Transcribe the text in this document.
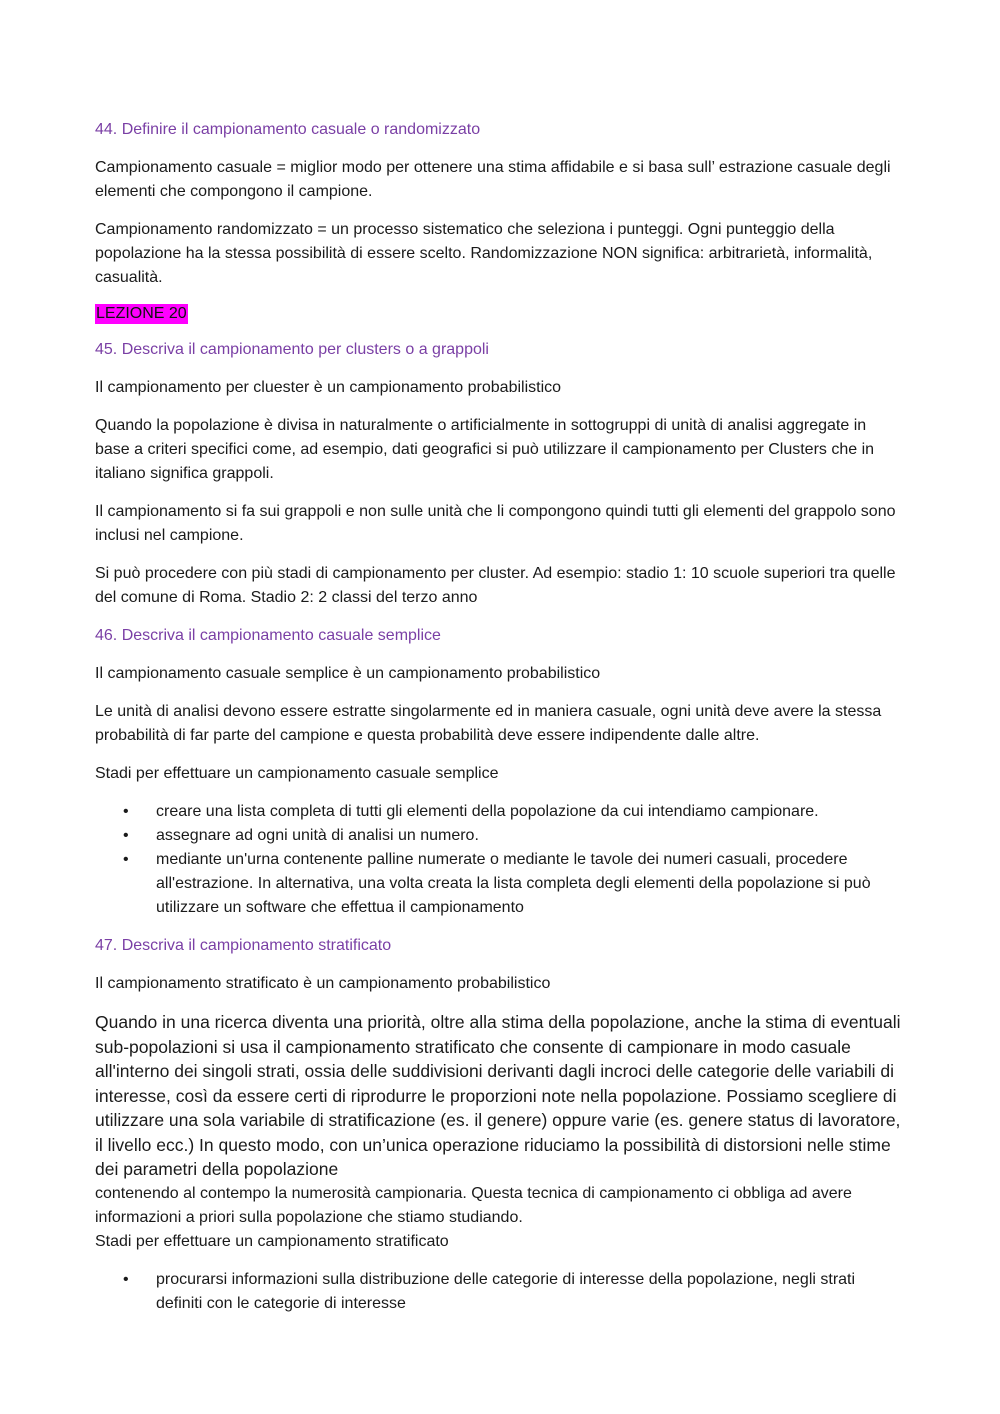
44. Definire il campionamento casuale o randomizzato

Campionamento casuale = miglior modo per ottenere una stima affidabile e si basa sull’ estrazione casuale degli elementi che compongono il campione.

Campionamento randomizzato = un processo sistematico che seleziona i punteggi. Ogni punteggio della popolazione ha la stessa possibilità di essere scelto. Randomizzazione NON significa: arbitrarietà, informalità, casualità.

LEZIONE 20

45. Descriva il campionamento per clusters o a grappoli

Il campionamento per cluester è un campionamento probabilistico

Quando la popolazione è divisa in naturalmente o artificialmente in sottogruppi di unità di analisi aggregate in base a criteri specifici come, ad esempio, dati geografici si può utilizzare il campionamento per Clusters che in italiano significa grappoli.

Il campionamento si fa sui grappoli e non sulle unità che li compongono quindi tutti gli elementi del grappolo sono inclusi nel campione.

Si può procedere con più stadi di campionamento per cluster. Ad esempio: stadio 1: 10 scuole superiori tra quelle del comune di Roma. Stadio 2: 2 classi del terzo anno

46. Descriva il campionamento casuale semplice

Il campionamento casuale semplice è un campionamento probabilistico

Le unità di analisi devono essere estratte singolarmente ed in maniera casuale, ogni unità deve avere la stessa probabilità di far parte del campione e questa probabilità deve essere indipendente dalle altre.

Stadi per effettuare un campionamento casuale semplice

• creare una lista completa di tutti gli elementi della popolazione da cui intendiamo campionare.
• assegnare ad ogni unità di analisi un numero.
• mediante un'urna contenente palline numerate o mediante le tavole dei numeri casuali, procedere all'estrazione. In alternativa, una volta creata la lista completa degli elementi della popolazione si può utilizzare un software che effettua il campionamento

47. Descriva il campionamento stratificato

Il campionamento stratificato è un campionamento probabilistico

Quando in una ricerca diventa una priorità, oltre alla stima della popolazione, anche la stima di eventuali sub-popolazioni si usa il campionamento stratificato che consente di campionare in modo casuale all'interno dei singoli strati, ossia delle suddivisioni derivanti dagli incroci delle categorie delle variabili di interesse, così da essere certi di riprodurre le proporzioni note nella popolazione. Possiamo scegliere di utilizzare una sola variabile di stratificazione (es. il genere) oppure varie (es. genere status di lavoratore, il livello ecc.) In questo modo, con un’unica operazione riduciamo la possibilità di distorsioni nelle stime dei parametri della popolazione

contenendo al contempo la numerosità campionaria. Questa tecnica di campionamento ci obbliga ad avere informazioni a priori sulla popolazione che stiamo studiando.

Stadi per effettuare un campionamento stratificato

• procurarsi informazioni sulla distribuzione delle categorie di interesse della popolazione, negli strati definiti con le categorie di interesse
